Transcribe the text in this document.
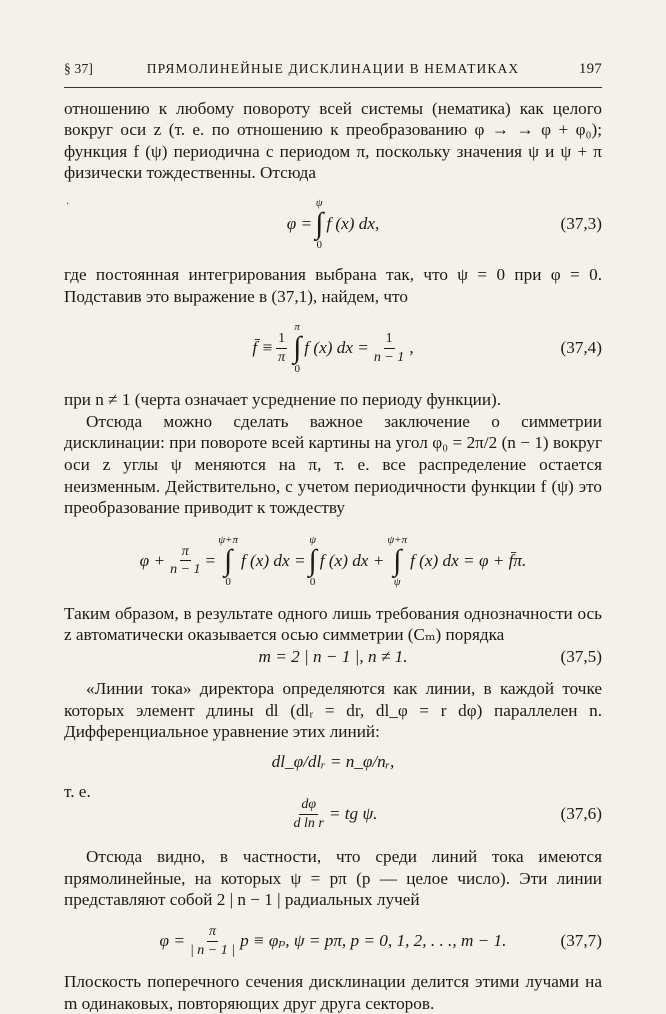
§ 37]	ПРЯМОЛИНЕЙНЫЕ ДИСКЛИНАЦИИ В НЕМАТИКАХ	197

отношению к любому повороту всей системы (нематика) как целого вокруг оси z (т. е. по отношению к преобразованию φ → → φ + φ₀); функция f (ψ) периодична с периодом π, поскольку значения ψ и ψ + π физически тождественны. Отсюда

·
φ =
ψ
∫
0
f (x) dx,	(37,3)

где постоянная интегрирования выбрана так, что ψ = 0 при φ = 0. Подставив это выражение в (37,1), найдем, что

f̄ ≡ $\frac{1}{\pi}$
π
∫
0
f (x) dx = $\frac{1}{n - 1}$ ,	(37,4)

при n ≠ 1 (черта означает усреднение по периоду функции).

Отсюда можно сделать важное заключение о симметрии дисклинации: при повороте всей картины на угол φ₀ = 2π/2 (n − 1) вокруг оси z углы ψ меняются на π, т. е. все распределение остается неизменным. Действительно, с учетом периодичности функции f (ψ) это преобразование приводит к тождеству

$\varphi + \frac{\pi}{n - 1}$ =
ψ+π
∫
0
f (x) dx =
ψ
∫
0
f (x) dx +
ψ+π
∫
ψ
f (x) dx = φ + f̄π.

Таким образом, в результате одного лишь требования однозначности ось z автоматически оказывается осью симметрии (Cₘ) порядка

m = 2 | n − 1 |, n ≠ 1.	(37,5)

«Линии тока» директора определяются как линии, в каждой точке которых элемент длины dl (dlᵣ = dr, dl_φ = r dφ) параллелен n. Дифференциальное уравнение этих линий:

dl_φ/dlᵣ = n_φ/nᵣ,

т. е.

$\frac{d\varphi}{\text{d ln r}}$ = tg ψ.	(37,6)

Отсюда видно, в частности, что среди линий тока имеются прямолинейные, на которых ψ = pπ (p — целое число). Эти линии представляют собой 2 | n − 1 | радиальных лучей

$\varphi = \frac{\pi}{| n - 1 |}$ p ≡ φₚ, ψ = pπ, p = 0, 1, 2, . . ., m − 1.	(37,7)

Плоскость поперечного сечения дисклинации делится этими лучами на m одинаковых, повторяющих друг друга секторов.
